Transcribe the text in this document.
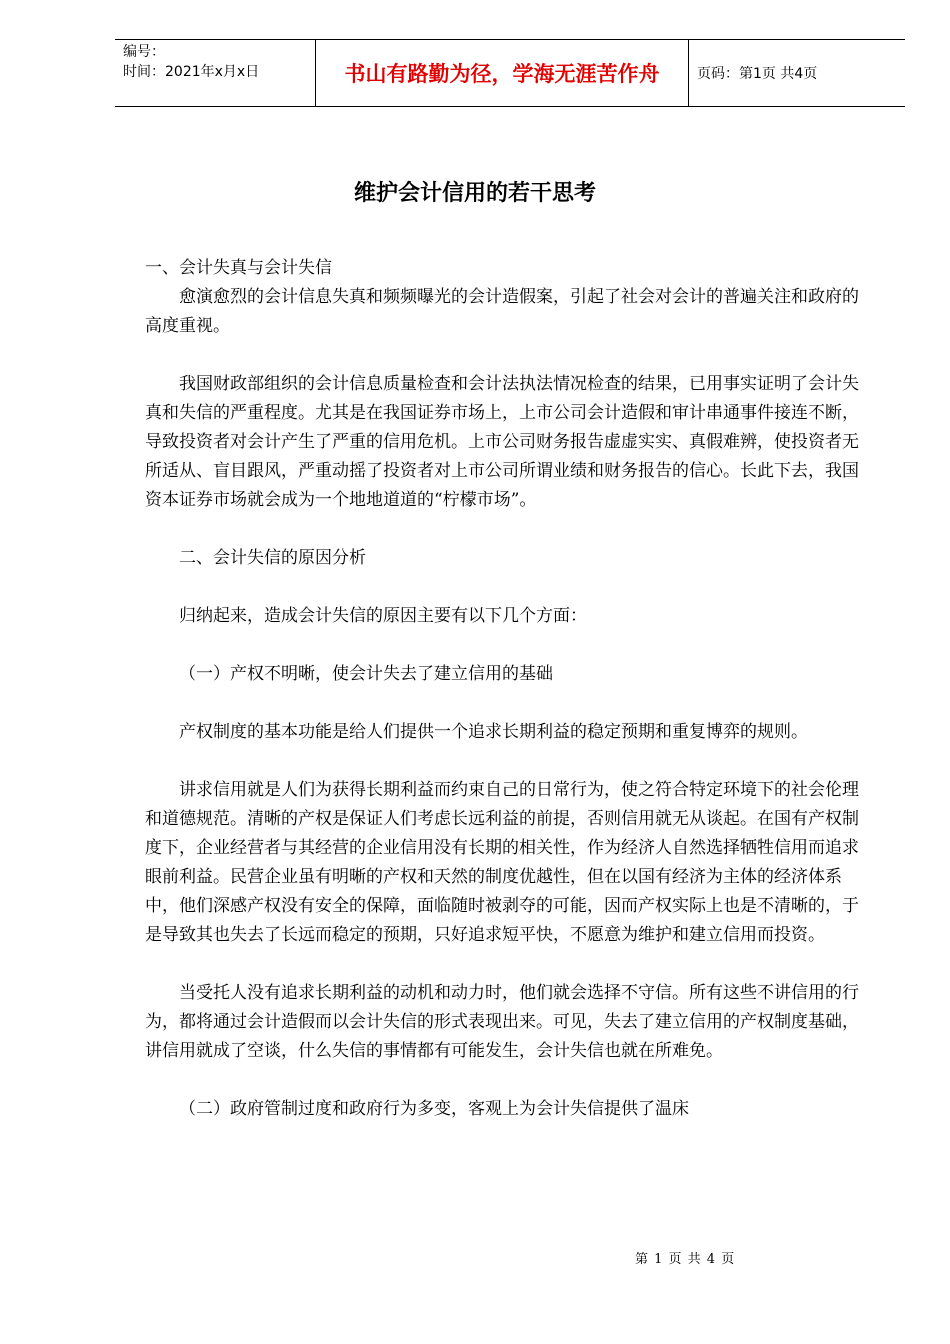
编号：
时间：2021年x月x日	书山有路勤为径，学海无涯苦作舟	页码：第1页 共4页
维护会计信用的若干思考

一、会计失真与会计失信

愈演愈烈的会计信息失真和频频曝光的会计造假案，引起了社会对会计的普遍关注和政府的高度重视。

我国财政部组织的会计信息质量检查和会计法执法情况检查的结果，已用事实证明了会计失真和失信的严重程度。尤其是在我国证券市场上，上市公司会计造假和审计串通事件接连不断，导致投资者对会计产生了严重的信用危机。上市公司财务报告虚虚实实、真假难辨，使投资者无所适从、盲目跟风，严重动摇了投资者对上市公司所谓业绩和财务报告的信心。长此下去，我国资本证券市场就会成为一个地地道道的“柠檬市场”。

二、会计失信的原因分析

归纳起来，造成会计失信的原因主要有以下几个方面：

（一）产权不明晰，使会计失去了建立信用的基础

产权制度的基本功能是给人们提供一个追求长期利益的稳定预期和重复博弈的规则。

讲求信用就是人们为获得长期利益而约束自己的日常行为，使之符合特定环境下的社会伦理和道德规范。清晰的产权是保证人们考虑长远利益的前提，否则信用就无从谈起。在国有产权制度下，企业经营者与其经营的企业信用没有长期的相关性，作为经济人自然选择牺牲信用而追求眼前利益。民营企业虽有明晰的产权和天然的制度优越性，但在以国有经济为主体的经济体系中，他们深感产权没有安全的保障，面临随时被剥夺的可能，因而产权实际上也是不清晰的，于是导致其也失去了长远而稳定的预期，只好追求短平快，不愿意为维护和建立信用而投资。

当受托人没有追求长期利益的动机和动力时，他们就会选择不守信。所有这些不讲信用的行为，都将通过会计造假而以会计失信的形式表现出来。可见，失去了建立信用的产权制度基础，讲信用就成了空谈，什么失信的事情都有可能发生，会计失信也就在所难免。

（二）政府管制过度和政府行为多变，客观上为会计失信提供了温床

第 1 页 共 4 页
